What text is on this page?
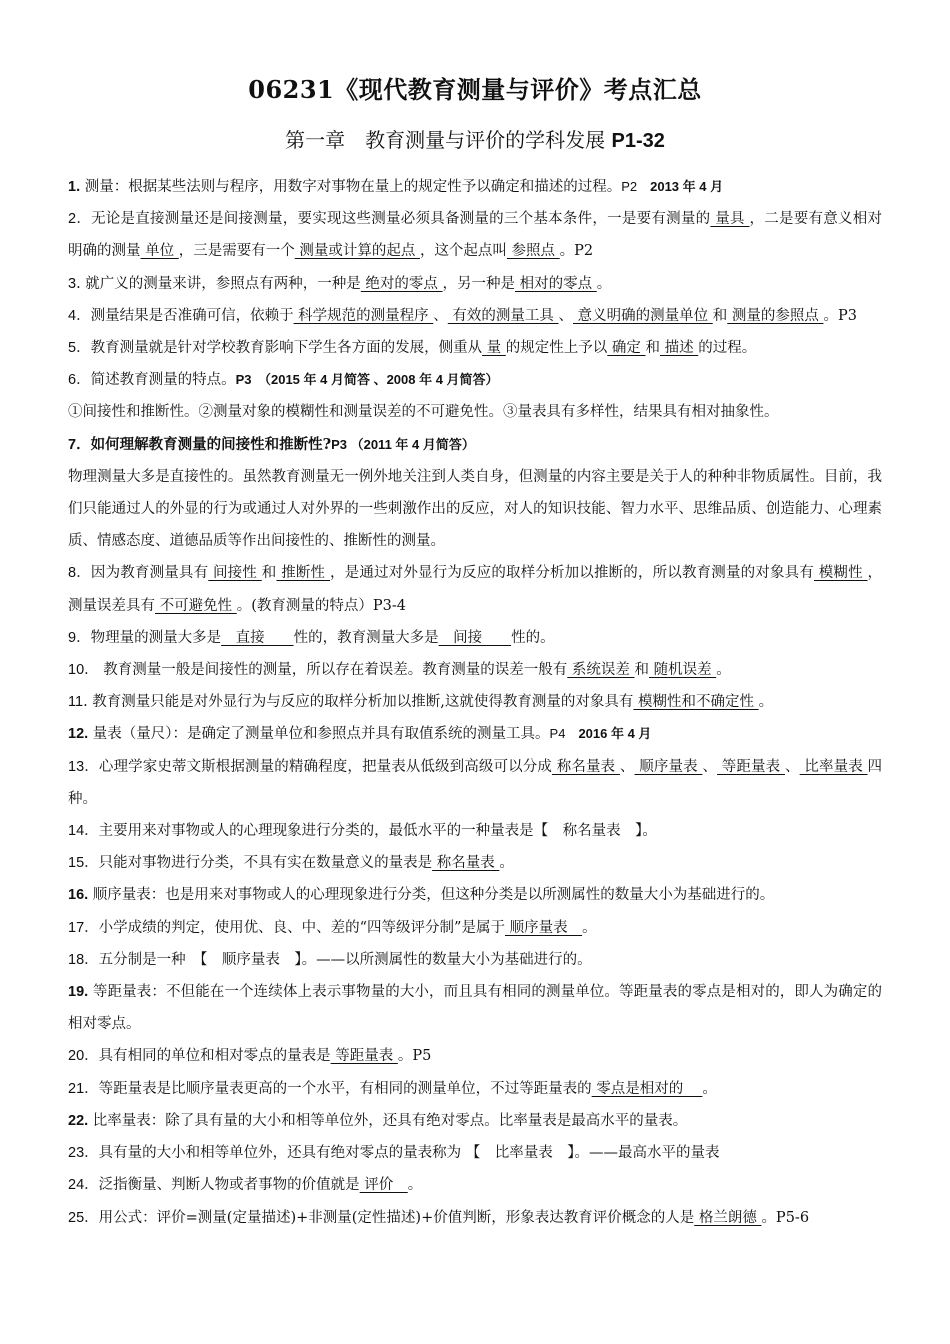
06231《现代教育测量与评价》考点汇总
第一章　教育测量与评价的学科发展 P1-32

1. 测量：根据某些法则与程序，用数字对事物在量上的规定性予以确定和描述的过程。P2　2013 年 4 月

2．无论是直接测量还是间接测量，要实现这些测量必须具备测量的三个基本条件，一是要有测量的 量具 ，二是要有意义相对明确的测量 单位 ，三是需要有一个 测量或计算的起点 ，这个起点叫 参照点 。P2

3. 就广义的测量来讲，参照点有两种，一种是 绝对的零点 ，另一种是 相对的零点 。

4．测量结果是否准确可信，依赖于 科学规范的测量程序 、 有效的测量工具 、 意义明确的测量单位 和 测量的参照点 。P3

5．教育测量就是针对学校教育影响下学生各方面的发展，侧重从 量 的规定性上予以 确定 和 描述 的过程。

6．简述教育测量的特点。P3　（2015 年 4 月简答 、2008 年 4 月简答）

①间接性和推断性。②测量对象的模糊性和测量误差的不可避免性。③量表具有多样性，结果具有相对抽象性。

7．如何理解教育测量的间接性和推断性?P3 （2011 年 4 月简答）

物理测量大多是直接性的。虽然教育测量无一例外地关注到人类自身，但测量的内容主要是关于人的种种非物质属性。目前，我们只能通过人的外显的行为或通过人对外界的一些刺激作出的反应，对人的知识技能、智力水平、思维品质、创造能力、心理素质、情感态度、道德品质等作出间接性的、推断性的测量。

8．因为教育测量具有 间接性 和 推断性 ，是通过对外显行为反应的取样分析加以推断的，所以教育测量的对象具有 模糊性 ，测量误差具有 不可避免性 。(教育测量的特点）P3-4

9．物理量的测量大多是　直接　　性的，教育测量大多是　间接　　性的。

10． 教育测量一般是间接性的测量，所以存在着误差。教育测量的误差一般有 系统误差 和 随机误差 。

11. 教育测量只能是对外显行为与反应的取样分析加以推断,这就使得教育测量的对象具有 模糊性和不确定性 。

12. 量表（量尺）：是确定了测量单位和参照点并具有取值系统的测量工具。P4　2016 年 4 月

13．心理学家史蒂文斯根据测量的精确程度，把量表从低级到高级可以分成 称名量表 、 顺序量表 、 等距量表 、 比率量表 四种。

14．主要用来对事物或人的心理现象进行分类的，最低水平的一种量表是【　称名量表　】。

15．只能对事物进行分类，不具有实在数量意义的量表是 称名量表 。

16. 顺序量表：也是用来对事物或人的心理现象进行分类，但这种分类是以所测属性的数量大小为基础进行的。

17．小学成绩的判定，使用优、良、中、差的“四等级评分制”是属于 顺序量表　。

18．五分制是一种　【　顺序量表　】。——以所测属性的数量大小为基础进行的。

19. 等距量表：不但能在一个连续体上表示事物量的大小，而且具有相同的测量单位。等距量表的零点是相对的，即人为确定的相对零点。

20．具有相同的单位和相对零点的量表是 等距量表 。P5

21．等距量表是比顺序量表更高的一个水平，有相同的测量单位，不过等距量表的 零点是相对的　 。

22. 比率量表：除了具有量的大小和相等单位外，还具有绝对零点。比率量表是最高水平的量表。

23．具有量的大小和相等单位外，还具有绝对零点的量表称为 【　比率量表　】。——最高水平的量表

24．泛指衡量、判断人物或者事物的价值就是 评价　。

25．用公式：评价=测量(定量描述)+非测量(定性描述)+价值判断，形象表达教育评价概念的人是 格兰朗德 。P5-6
